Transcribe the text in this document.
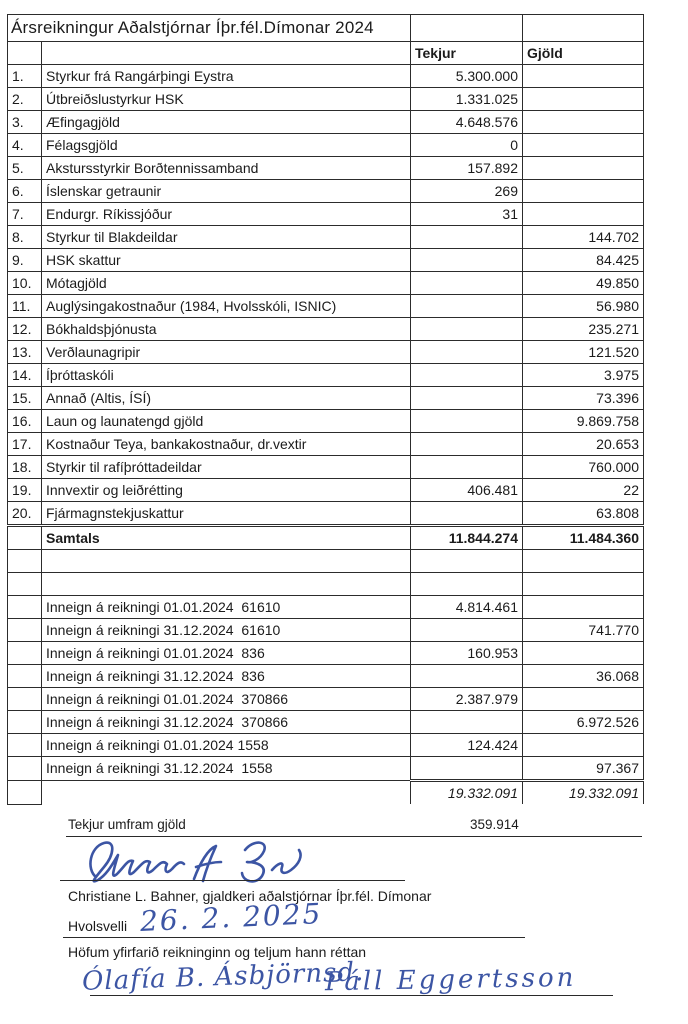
Ársreikningur Aðalstjórnar Íþr.fél.Dímonar 2024			
		Tekjur	Gjöld
1.	Styrkur frá Rangárþingi Eystra	5.300.000	
2.	Útbreiðslustyrkur HSK	1.331.025	
3.	Æfingagjöld	4.648.576	
4.	Félagsgjöld	0	
5.	Akstursstyrkir Borðtennissamband	157.892	
6.	Íslenskar getraunir	269	
7.	Endurgr. Ríkissjóður	31	
8.	Styrkur til Blakdeildar		144.702
9.	HSK skattur		84.425
10.	Mótagjöld		49.850
11.	Auglýsingakostnaður (1984, Hvolsskóli, ISNIC)		56.980
12.	Bókhaldsþjónusta		235.271
13.	Verðlaunagripir		121.520
14.	Íþróttaskóli		3.975
15.	Annað (Altis, ÍSÍ)		73.396
16.	Laun og launatengd gjöld		9.869.758
17.	Kostnaður Teya, bankakostnaður, dr.vextir		20.653
18.	Styrkir til rafíþróttadeildar		760.000
19.	Innvextir og leiðrétting	406.481	22
20.	Fjármagnstekjuskattur		63.808
	Samtals	11.844.274	11.484.360

	Inneign á reikningi 01.01.2024  61610	4.814.461	
	Inneign á reikningi 31.12.2024  61610		741.770
	Inneign á reikningi 01.01.2024  836	160.953	
	Inneign á reikningi 31.12.2024  836		36.068
	Inneign á reikningi 01.01.2024  370866	2.387.979	
	Inneign á reikningi 31.12.2024  370866		6.972.526
	Inneign á reikningi 01.01.2024 1558	124.424	
	Inneign á reikningi 31.12.2024  1558		97.367
		19.332.091	19.332.091
Tekjur umfram gjöld	359.914
Christiane L. Bahner, gjaldkeri aðalstjórnar Íþr.fél. Dímonar
Hvolsvelli 26. 2. 2025
Höfum yfirfarið reikninginn og teljum hann réttan
Ólafía B. Ásbjörnsd.
Páll Eggertsson
